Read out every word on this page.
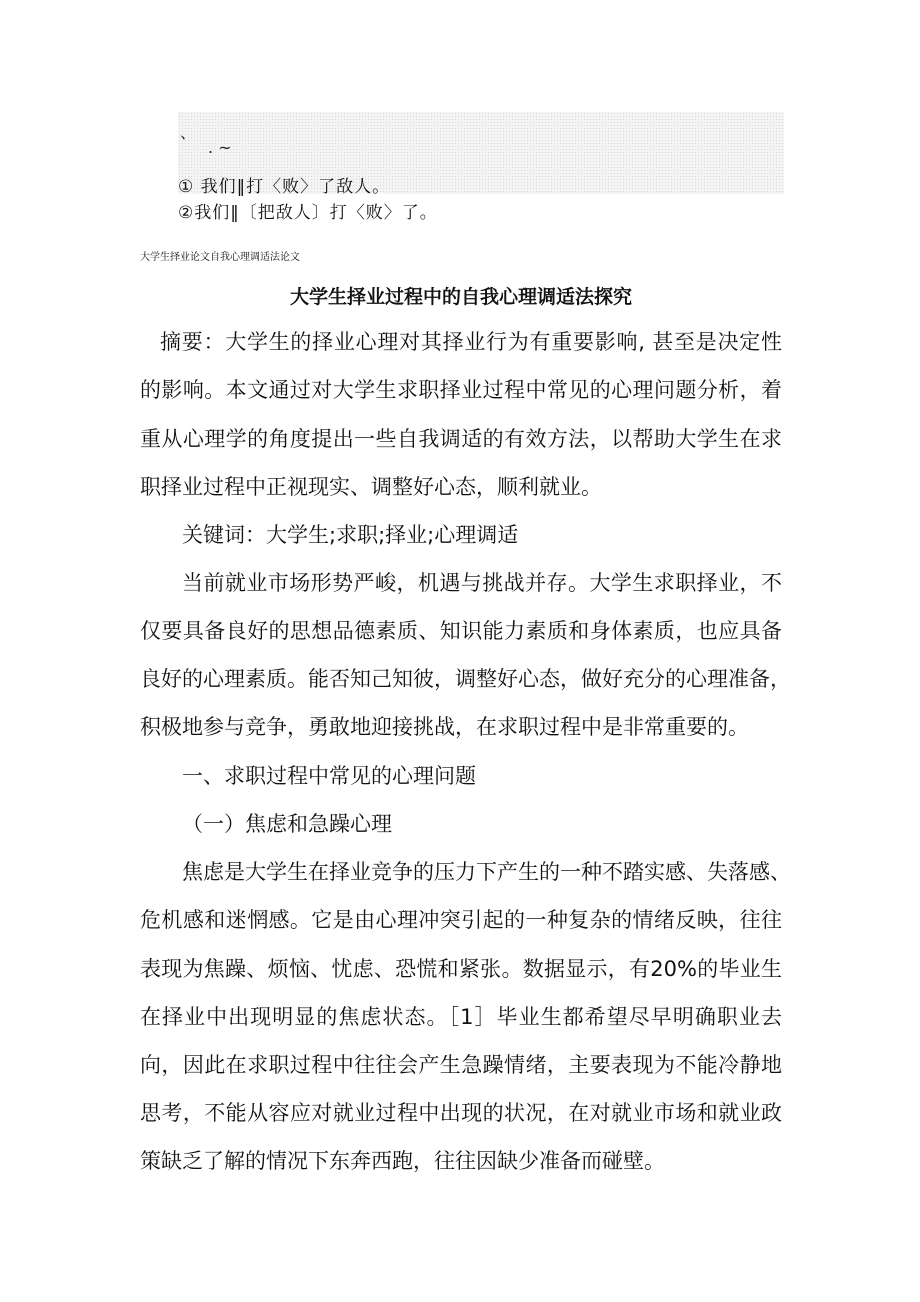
、
. ~
① 我们‖打〈败〉了敌人。
②我们‖〔把敌人〕打〈败〉了。
大学生择业论文自我心理调适法论文
大学生择业过程中的自我心理调适法探究
摘要：大学生的择业心理对其择业行为有重要影响, 甚至是决定性
的影响。本文通过对大学生求职择业过程中常见的心理问题分析，着
重从心理学的角度提出一些自我调适的有效方法，以帮助大学生在求
职择业过程中正视现实、调整好心态，顺利就业。
关键词：大学生;求职;择业;心理调适
当前就业市场形势严峻，机遇与挑战并存。大学生求职择业，不
仅要具备良好的思想品德素质、知识能力素质和身体素质，也应具备
良好的心理素质。能否知己知彼，调整好心态，做好充分的心理准备，
积极地参与竞争，勇敢地迎接挑战，在求职过程中是非常重要的。
一、求职过程中常见的心理问题
（一）焦虑和急躁心理
焦虑是大学生在择业竞争的压力下产生的一种不踏实感、失落感、
危机感和迷惘感。它是由心理冲突引起的一种复杂的情绪反映，往往
表现为焦躁、烦恼、忧虑、恐慌和紧张。数据显示，有20%的毕业生
在择业中出现明显的焦虑状态。［1］毕业生都希望尽早明确职业去
向，因此在求职过程中往往会产生急躁情绪，主要表现为不能冷静地
思考，不能从容应对就业过程中出现的状况，在对就业市场和就业政
策缺乏了解的情况下东奔西跑，往往因缺少准备而碰壁。
